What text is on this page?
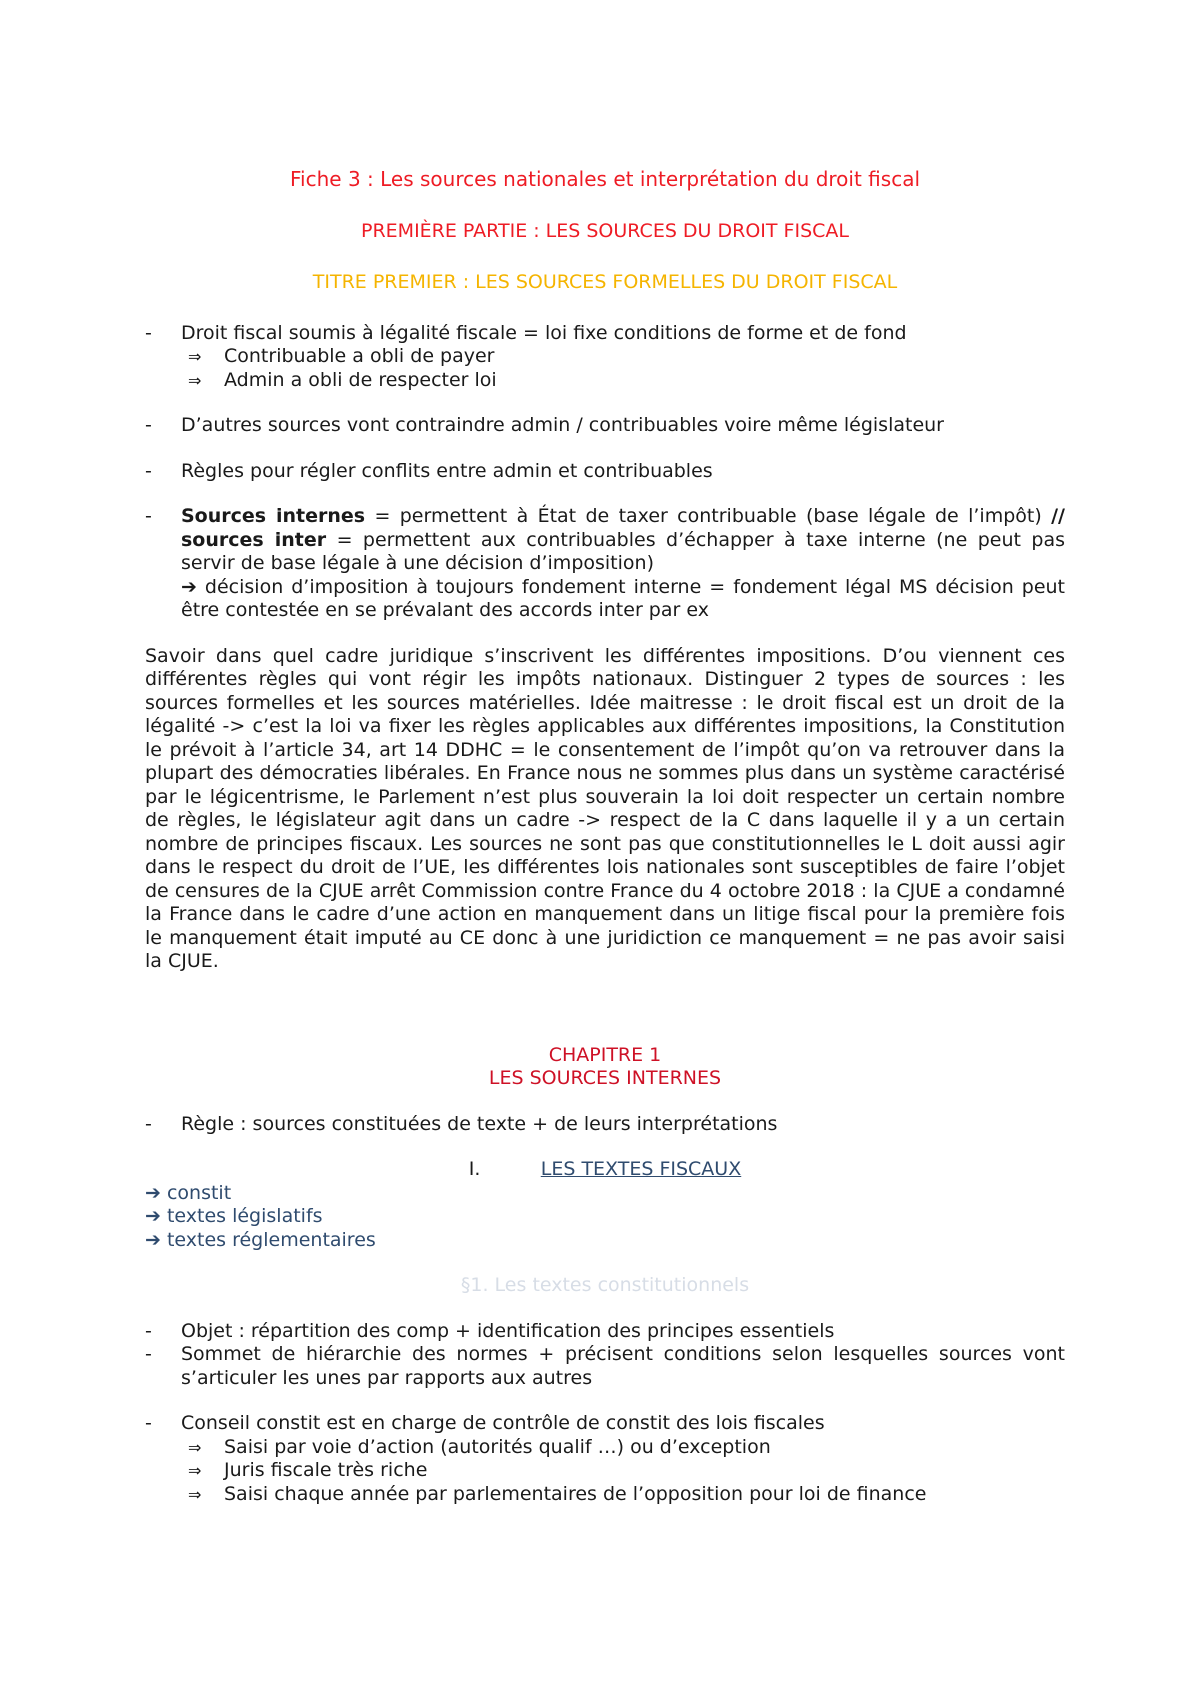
Fiche 3 : Les sources nationales et interprétation du droit fiscal
PREMIÈRE PARTIE : LES SOURCES DU DROIT FISCAL
TITRE PREMIER : LES SOURCES FORMELLES DU DROIT FISCAL
- Droit fiscal soumis à légalité fiscale = loi fixe conditions de forme et de fond
⇒ Contribuable a obli de payer
⇒ Admin a obli de respecter loi
- D’autres sources vont contraindre admin / contribuables voire même législateur
- Règles pour régler conflits entre admin et contribuables
- Sources internes = permettent à État de taxer contribuable (base légale de l’impôt) // sources inter = permettent aux contribuables d’échapper à taxe interne (ne peut pas servir de base légale à une décision d’imposition)
➔ décision d’imposition à toujours fondement interne = fondement légal MS décision peut être contestée en se prévalant des accords inter par ex
Savoir dans quel cadre juridique s’inscrivent les différentes impositions. D’ou viennent ces différentes règles qui vont régir les impôts nationaux. Distinguer 2 types de sources : les sources formelles et les sources matérielles. Idée maitresse : le droit fiscal est un droit de la légalité -> c’est la loi va fixer les règles applicables aux différentes impositions, la Constitution le prévoit à l’article 34, art 14 DDHC = le consentement de l’impôt qu’on va retrouver dans la plupart des démocraties libérales. En France nous ne sommes plus dans un système caractérisé par le légicentrisme, le Parlement n’est plus souverain la loi doit respecter un certain nombre de règles, le législateur agit dans un cadre -> respect de la C dans laquelle il y a un certain nombre de principes fiscaux. Les sources ne sont pas que constitutionnelles le L doit aussi agir dans le respect du droit de l’UE, les différentes lois nationales sont susceptibles de faire l’objet de censures de la CJUE arrêt Commission contre France du 4 octobre 2018 : la CJUE a condamné la France dans le cadre d’une action en manquement dans un litige fiscal pour la première fois le manquement était imputé au CE donc à une juridiction ce manquement = ne pas avoir saisi la CJUE.
CHAPITRE 1
LES SOURCES INTERNES
- Règle : sources constituées de texte + de leurs interprétations
I.	LES TEXTES FISCAUX
➔ constit
➔ textes législatifs
➔ textes réglementaires
§1. Les textes constitutionnels
- Objet : répartition des comp + identification des principes essentiels
- Sommet de hiérarchie des normes + précisent conditions selon lesquelles sources vont s’articuler les unes par rapports aux autres
- Conseil constit est en charge de contrôle de constit des lois fiscales
⇒ Saisi par voie d’action (autorités qualif …) ou d’exception
⇒ Juris fiscale très riche
⇒ Saisi chaque année par parlementaires de l’opposition pour loi de finance
